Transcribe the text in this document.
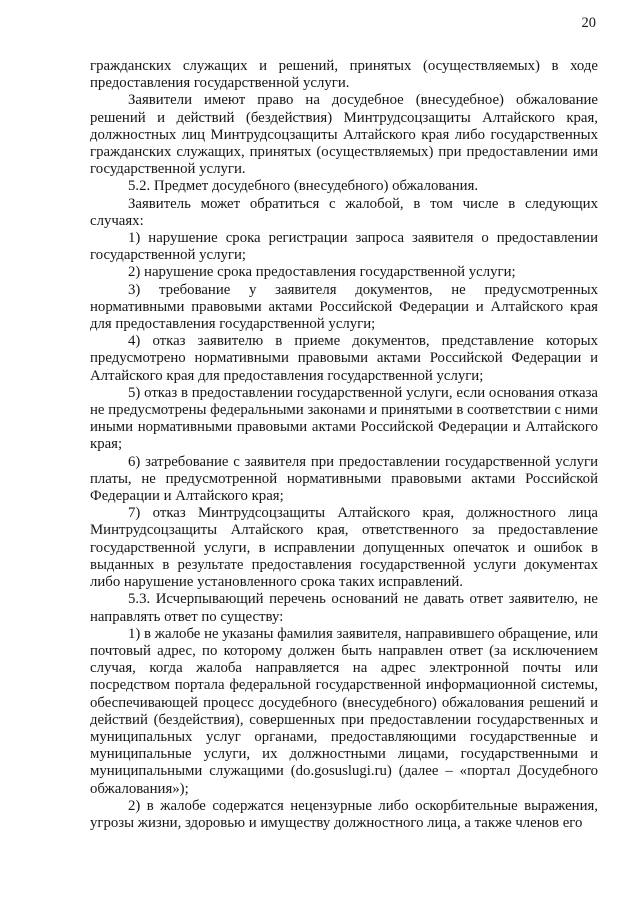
20

гражданских служащих и решений, принятых (осуществляемых) в ходе предоставления государственной услуги.

Заявители имеют право на досудебное (внесудебное) обжалование решений и действий (бездействия) Минтрудсоцзащиты Алтайского края, должностных лиц Минтрудсоцзащиты Алтайского края либо государственных гражданских служащих, принятых (осуществляемых) при предоставлении ими государственной услуги.

5.2. Предмет досудебного (внесудебного) обжалования.

Заявитель может обратиться с жалобой, в том числе в следующих случаях:

1) нарушение срока регистрации запроса заявителя о предоставлении государственной услуги;

2) нарушение срока предоставления государственной услуги;

3) требование у заявителя документов, не предусмотренных нормативными правовыми актами Российской Федерации и Алтайского края для предоставления государственной услуги;

4) отказ заявителю в приеме документов, представление которых предусмотрено нормативными правовыми актами Российской Федерации и Алтайского края для предоставления государственной услуги;

5) отказ в предоставлении государственной услуги, если основания отказа не предусмотрены федеральными законами и принятыми в соответствии с ними иными нормативными правовыми актами Российской Федерации и Алтайского края;

6) затребование с заявителя при предоставлении государственной услуги платы, не предусмотренной нормативными правовыми актами Российской Федерации и Алтайского края;

7) отказ Минтрудсоцзащиты Алтайского края, должностного лица Минтрудсоцзащиты Алтайского края, ответственного за предоставление государственной услуги, в исправлении допущенных опечаток и ошибок в выданных в результате предоставления государственной услуги документах либо нарушение установленного срока таких исправлений.

5.3. Исчерпывающий перечень оснований не давать ответ заявителю, не направлять ответ по существу:

1) в жалобе не указаны фамилия заявителя, направившего обращение, или почтовый адрес, по которому должен быть направлен ответ (за исключением случая, когда жалоба направляется на адрес электронной почты или посредством портала федеральной государственной информационной системы, обеспечивающей процесс досудебного (внесудебного) обжалования решений и действий (бездействия), совершенных при предоставлении государственных и муниципальных услуг органами, предоставляющими государственные и муниципальные услуги, их должностными лицами, государственными и муниципальными служащими (do.gosuslugi.ru) (далее – «портал Досудебного обжалования»);

2) в жалобе содержатся нецензурные либо оскорбительные выражения, угрозы жизни, здоровью и имуществу должностного лица, а также членов его
